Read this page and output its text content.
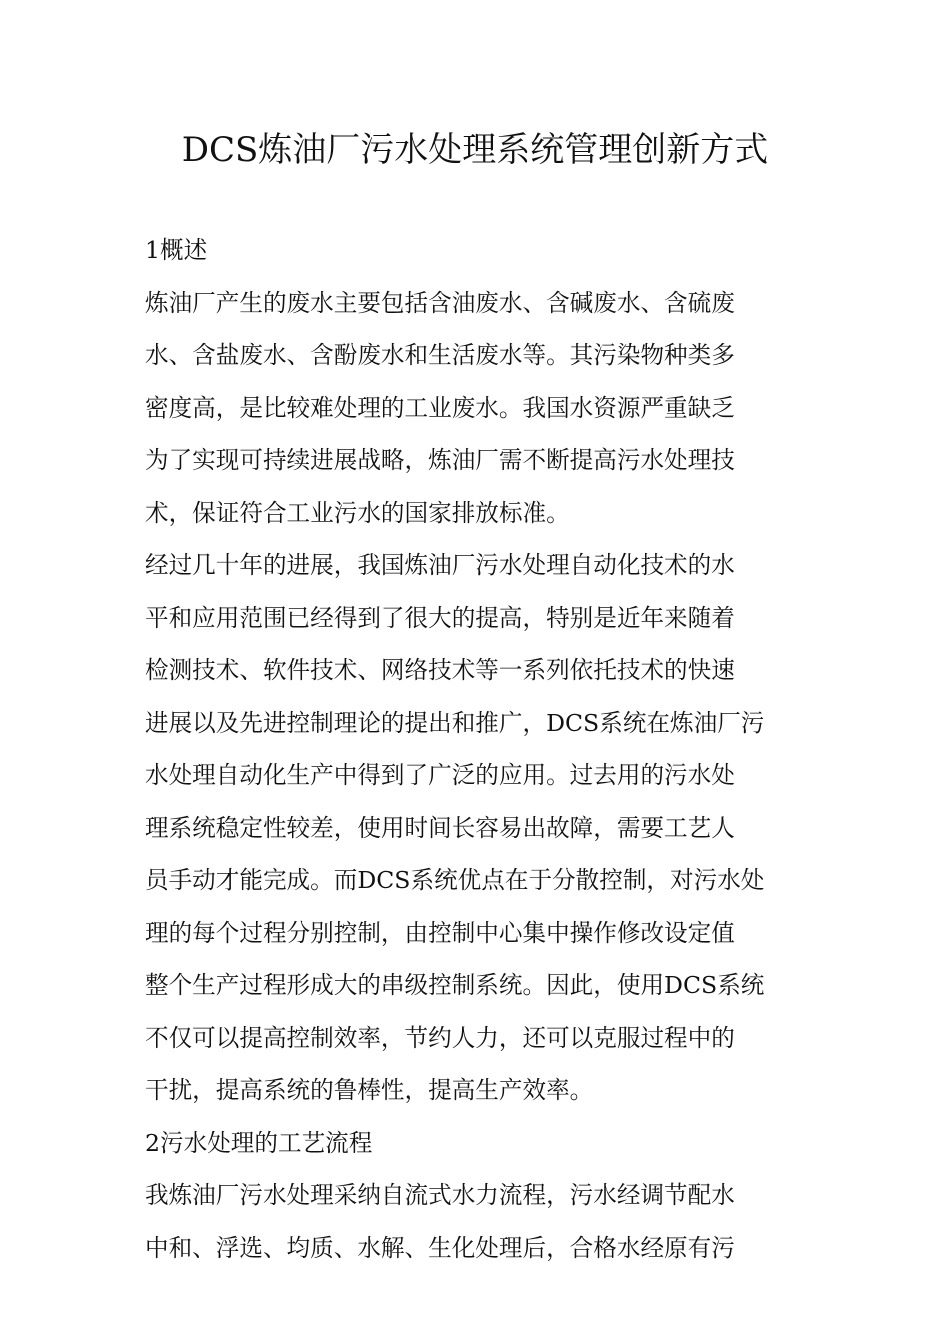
DCS炼油厂污水处理系统管理创新方式
1概述
炼油厂产生的废水主要包括含油废水、含碱废水、含硫废
水、含盐废水、含酚废水和生活废水等。其污染物种类多
密度高，是比较难处理的工业废水。我国水资源严重缺乏
为了实现可持续进展战略，炼油厂需不断提高污水处理技
术，保证符合工业污水的国家排放标准。
经过几十年的进展，我国炼油厂污水处理自动化技术的水
平和应用范围已经得到了很大的提高，特别是近年来随着
检测技术、软件技术、网络技术等一系列依托技术的快速
进展以及先进控制理论的提出和推广，DCS系统在炼油厂污
水处理自动化生产中得到了广泛的应用。过去用的污水处
理系统稳定性较差，使用时间长容易出故障，需要工艺人
员手动才能完成。而DCS系统优点在于分散控制，对污水处
理的每个过程分别控制，由控制中心集中操作修改设定值
整个生产过程形成大的串级控制系统。因此，使用DCS系统
不仅可以提高控制效率，节约人力，还可以克服过程中的
干扰，提高系统的鲁棒性，提高生产效率。
2污水处理的工艺流程
我炼油厂污水处理采纳自流式水力流程，污水经调节配水
中和、浮选、均质、水解、生化处理后，合格水经原有污
